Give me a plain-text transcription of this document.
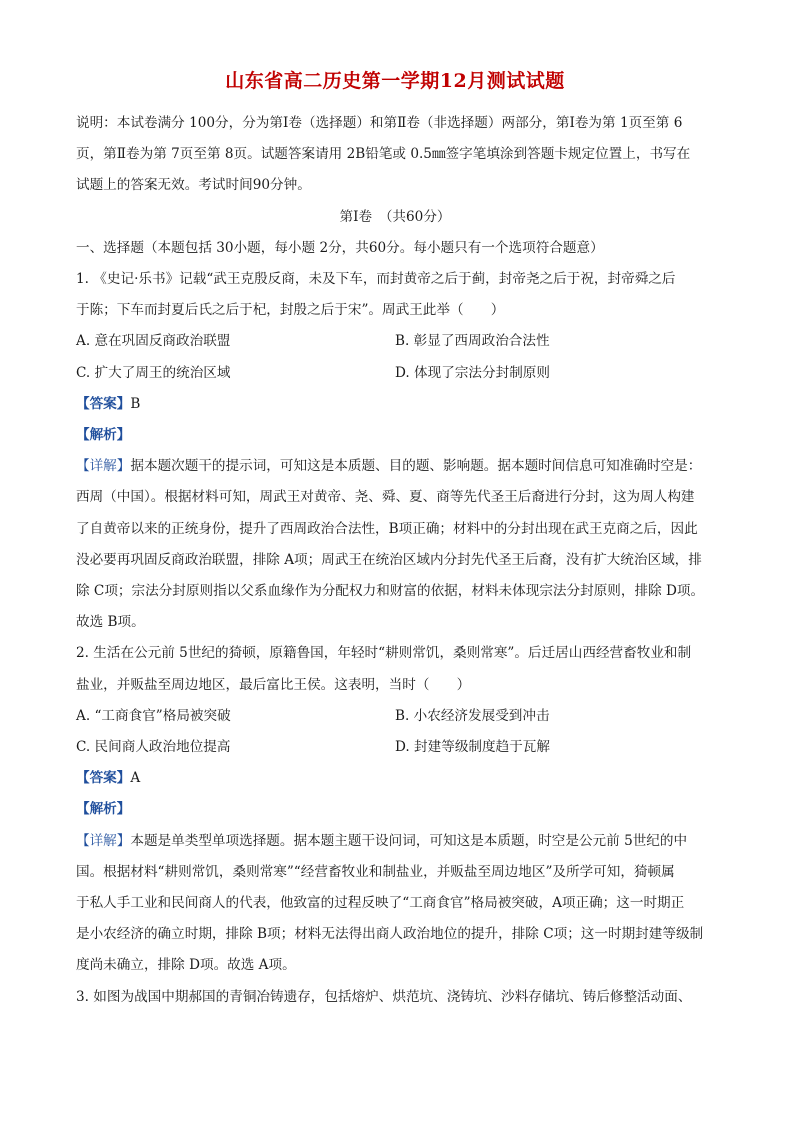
山东省高二历史第一学期12月测试试题

说明：本试卷满分 100分，分为第Ⅰ卷（选择题）和第Ⅱ卷（非选择题）两部分，第Ⅰ卷为第 1页至第 6

页，第Ⅱ卷为第 7页至第 8页。试题答案请用 2B铅笔或 0.5㎜签字笔填涂到答题卡规定位置上，书写在

试题上的答案无效。考试时间90分钟。

第Ⅰ卷　（共60分）

一、选择题（本题包括 30小题，每小题 2分，共60分。每小题只有一个选项符合题意）

1. 《史记·乐书》记载“武王克殷反商，未及下车，而封黄帝之后于蓟，封帝尧之后于祝，封帝舜之后

于陈；下车而封夏后氏之后于杞，封殷之后于宋”。周武王此举（　　）

A. 意在巩固反商政治联盟	B. 彰显了西周政治合法性
C. 扩大了周王的统治区域	D. 体现了宗法分封制原则

【答案】B

【解析】

【详解】据本题次题干的提示词，可知这是本质题、目的题、影响题。据本题时间信息可知准确时空是：

西周（中国）。根据材料可知，周武王对黄帝、尧、舜、夏、商等先代圣王后裔进行分封，这为周人构建

了自黄帝以来的正统身份，提升了西周政治合法性，B项正确；材料中的分封出现在武王克商之后，因此

没必要再巩固反商政治联盟，排除 A项；周武王在统治区域内分封先代圣王后裔，没有扩大统治区域，排

除 C项；宗法分封原则指以父系血缘作为分配权力和财富的依据，材料未体现宗法分封原则，排除 D项。

故选 B项。

2. 生活在公元前 5世纪的猗顿，原籍鲁国，年轻时“耕则常饥，桑则常寒”。后迁居山西经营畜牧业和制

盐业，并贩盐至周边地区，最后富比王侯。这表明，当时（　　）

A. “工商食官”格局被突破	B. 小农经济发展受到冲击
C. 民间商人政治地位提高	D. 封建等级制度趋于瓦解

【答案】A

【解析】

【详解】本题是单类型单项选择题。据本题主题干设问词，可知这是本质题，时空是公元前 5世纪的中

国。根据材料“耕则常饥，桑则常寒”“经营畜牧业和制盐业，并贩盐至周边地区”及所学可知，猗顿属

于私人手工业和民间商人的代表，他致富的过程反映了“工商食官”格局被突破，A项正确；这一时期正

是小农经济的确立时期，排除 B项；材料无法得出商人政治地位的提升，排除 C项；这一时期封建等级制

度尚未确立，排除 D项。故选 A项。

3. 如图为战国中期郝国的青铜冶铸遗存，包括熔炉、烘范坑、浇铸坑、沙料存储坑、铸后修整活动面、
